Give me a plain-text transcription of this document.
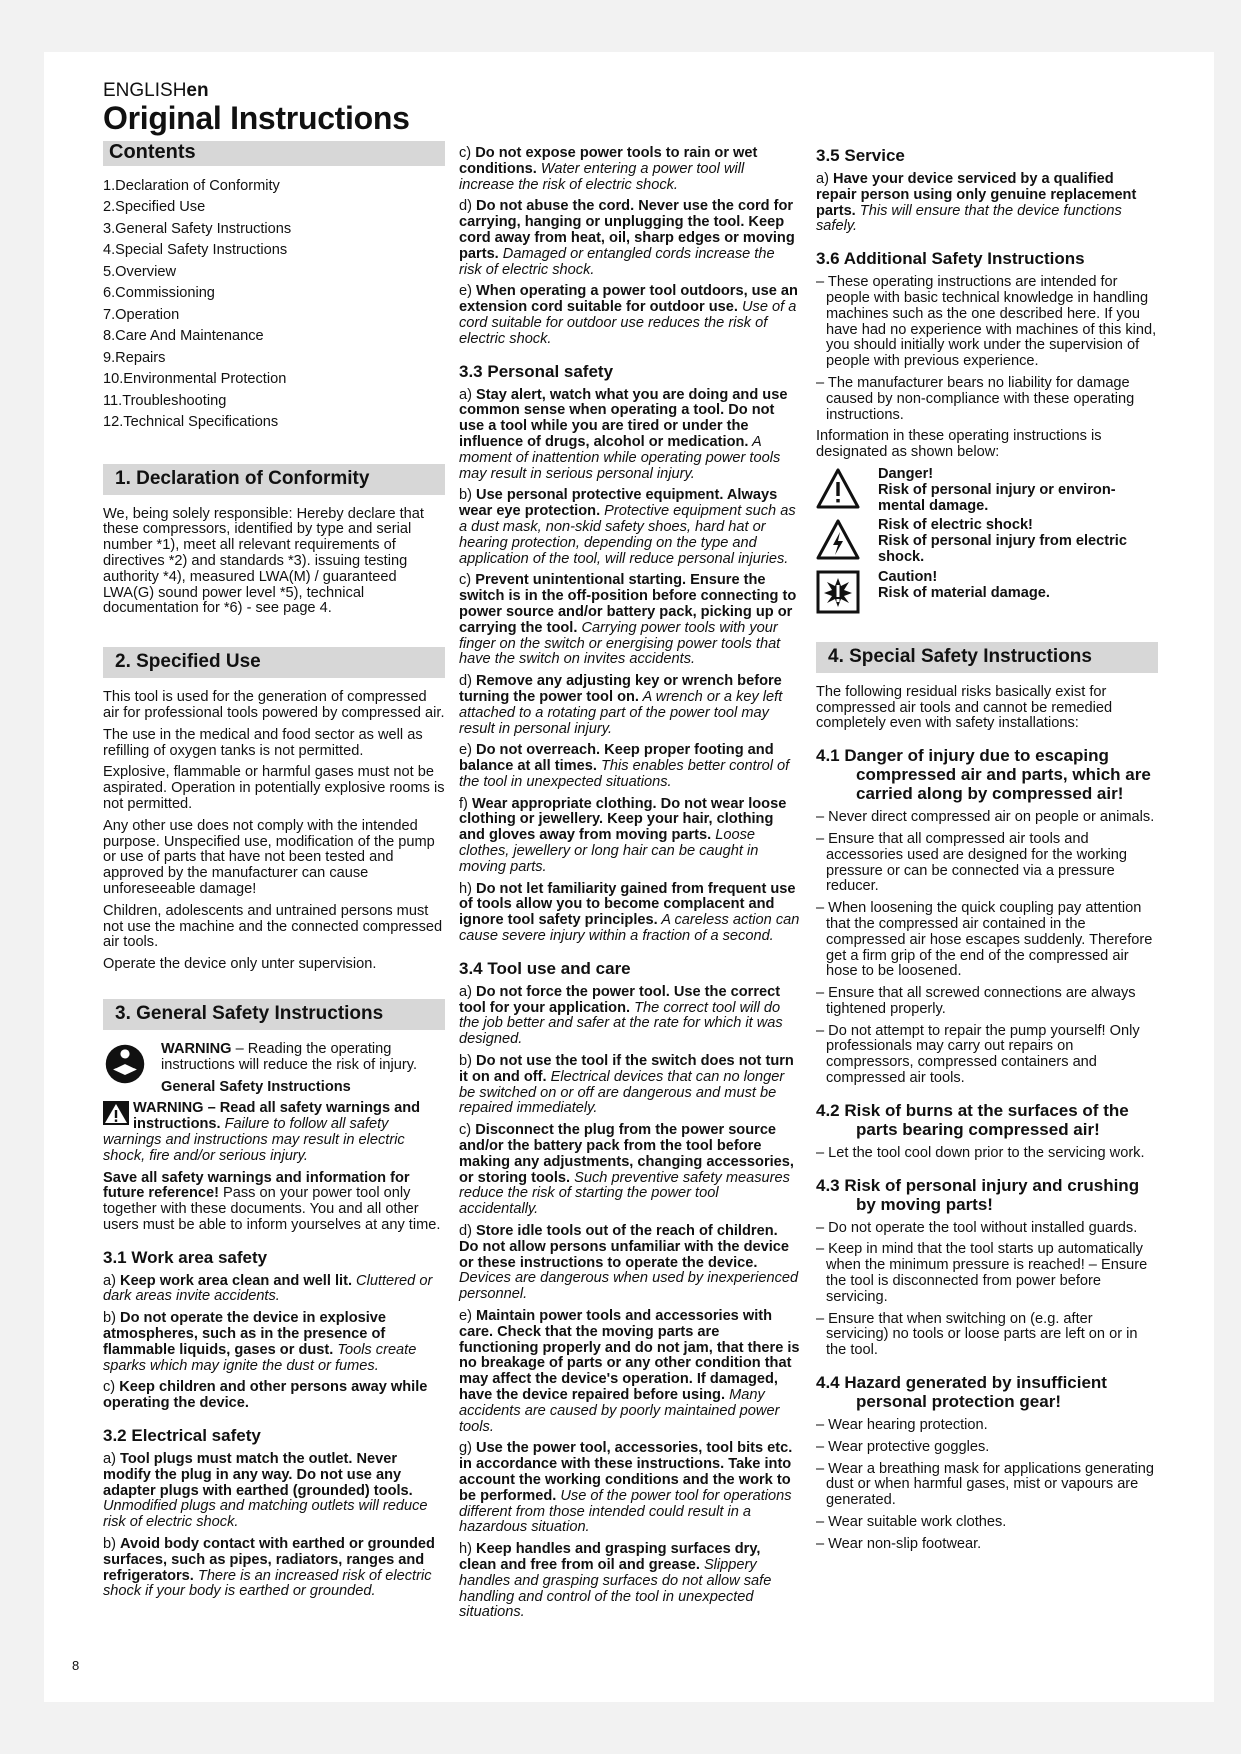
ENGLISHen
Original Instructions
Contents
1.Declaration of Conformity
2.Specified Use
3.General Safety Instructions
4.Special Safety Instructions
5.Overview
6.Commissioning
7.Operation
8.Care And Maintenance
9.Repairs
10.Environmental Protection
11.Troubleshooting
12.Technical Specifications
1. Declaration of Conformity

We, being solely responsible: Hereby declare that these compressors, identified by type and serial number *1), meet all relevant requirements of directives *2) and standards *3). issuing testing authority *4), measured LWA(M) / guaranteed LWA(G) sound power level *5), technical documentation for *6) - see page 4.

2. Specified Use

This tool is used for the generation of compressed air for professional tools powered by compressed air.

The use in the medical and food sector as well as refilling of oxygen tanks is not permitted.

Explosive, flammable or harmful gases must not be aspirated. Operation in potentially explosive rooms is not permitted.

Any other use does not comply with the intended purpose. Unspecified use, modification of the pump or use of parts that have not been tested and approved by the manufacturer can cause unforeseeable damage!

Children, adolescents and untrained persons must not use the machine and the connected compressed air tools.

Operate the device only unter supervision.

3. General Safety Instructions
WARNING – Reading the operating instructions will reduce the risk of injury.
General Safety Instructions

WARNING – Read all safety warnings and instructions. Failure to follow all safety warnings and instructions may result in electric shock, fire and/or serious injury.

Save all safety warnings and information for future reference! Pass on your power tool only together with these documents. You and all other users must be able to inform yourselves at any time.

3.1 Work area safety

a) Keep work area clean and well lit. Cluttered or dark areas invite accidents.

b) Do not operate the device in explosive atmospheres, such as in the presence of flammable liquids, gases or dust. Tools create sparks which may ignite the dust or fumes.

c) Keep children and other persons away while operating the device.

3.2 Electrical safety

a) Tool plugs must match the outlet. Never modify the plug in any way. Do not use any adapter plugs with earthed (grounded) tools. Unmodified plugs and matching outlets will reduce risk of electric shock.

b) Avoid body contact with earthed or grounded surfaces, such as pipes, radiators, ranges and refrigerators. There is an increased risk of electric shock if your body is earthed or grounded.

c) Do not expose power tools to rain or wet conditions. Water entering a power tool will increase the risk of electric shock.

d) Do not abuse the cord. Never use the cord for carrying, hanging or unplugging the tool. Keep cord away from heat, oil, sharp edges or moving parts. Damaged or entangled cords increase the risk of electric shock.

e) When operating a power tool outdoors, use an extension cord suitable for outdoor use. Use of a cord suitable for outdoor use reduces the risk of electric shock.

3.3 Personal safety

a) Stay alert, watch what you are doing and use common sense when operating a tool. Do not use a tool while you are tired or under the influence of drugs, alcohol or medication. A moment of inattention while operating power tools may result in serious personal injury.

b) Use personal protective equipment. Always wear eye protection. Protective equipment such as a dust mask, non-skid safety shoes, hard hat or hearing protection, depending on the type and application of the tool, will reduce personal injuries.

c) Prevent unintentional starting. Ensure the switch is in the off-position before connecting to power source and/or battery pack, picking up or carrying the tool. Carrying power tools with your finger on the switch or energising power tools that have the switch on invites accidents.

d) Remove any adjusting key or wrench before turning the power tool on. A wrench or a key left attached to a rotating part of the power tool may result in personal injury.

e) Do not overreach. Keep proper footing and balance at all times. This enables better control of the tool in unexpected situations.

f) Wear appropriate clothing. Do not wear loose clothing or jewellery. Keep your hair, clothing and gloves away from moving parts. Loose clothes, jewellery or long hair can be caught in moving parts.

h) Do not let familiarity gained from frequent use of tools allow you to become complacent and ignore tool safety principles. A careless action can cause severe injury within a fraction of a second.

3.4 Tool use and care

a) Do not force the power tool. Use the correct tool for your application. The correct tool will do the job better and safer at the rate for which it was designed.

b) Do not use the tool if the switch does not turn it on and off. Electrical devices that can no longer be switched on or off are dangerous and must be repaired immediately.

c) Disconnect the plug from the power source and/or the battery pack from the tool before making any adjustments, changing accessories, or storing tools. Such preventive safety measures reduce the risk of starting the power tool accidentally.

d) Store idle tools out of the reach of children. Do not allow persons unfamiliar with the device or these instructions to operate the device. Devices are dangerous when used by inexperienced personnel.

e) Maintain power tools and accessories with care. Check that the moving parts are functioning properly and do not jam, that there is no breakage of parts or any other condition that may affect the device's operation. If damaged, have the device repaired before using. Many accidents are caused by poorly maintained power tools.

g) Use the power tool, accessories, tool bits etc. in accordance with these instructions. Take into account the working conditions and the work to be performed. Use of the power tool for operations different from those intended could result in a hazardous situation.

h) Keep handles and grasping surfaces dry, clean and free from oil and grease. Slippery handles and grasping surfaces do not allow safe handling and control of the tool in unexpected situations.

3.5 Service

a) Have your device serviced by a qualified repair person using only genuine replacement parts. This will ensure that the device functions safely.

3.6 Additional Safety Instructions

– These operating instructions are intended for people with basic technical knowledge in handling machines such as the one described here. If you have had no experience with machines of this kind, you should initially work under the supervision of people with previous experience.

– The manufacturer bears no liability for damage caused by non-compliance with these operating instructions.

Information in these operating instructions is designated as shown below:

Danger!
Risk of personal injury or environ-mental damage.
Risk of electric shock!
Risk of personal injury from electric shock.
Caution!
Risk of material damage.
4. Special Safety Instructions

The following residual risks basically exist for compressed air tools and cannot be remedied completely even with safety installations:

4.1 Danger of injury due to escaping compressed air and parts, which are carried along by compressed air!

– Never direct compressed air on people or animals.

– Ensure that all compressed air tools and accessories used are designed for the working pressure or can be connected via a pressure reducer.

– When loosening the quick coupling pay attention that the compressed air contained in the compressed air hose escapes suddenly. Therefore get a firm grip of the end of the compressed air hose to be loosened.

– Ensure that all screwed connections are always tightened properly.

– Do not attempt to repair the pump yourself! Only professionals may carry out repairs on compressors, compressed containers and compressed air tools.

4.2 Risk of burns at the surfaces of the parts bearing compressed air!

– Let the tool cool down prior to the servicing work.

4.3 Risk of personal injury and crushing by moving parts!

– Do not operate the tool without installed guards.

– Keep in mind that the tool starts up automatically when the minimum pressure is reached! – Ensure the tool is disconnected from power before servicing.

– Ensure that when switching on (e.g. after servicing) no tools or loose parts are left on or in the tool.

4.4 Hazard generated by insufficient personal protection gear!

– Wear hearing protection.

– Wear protective goggles.

– Wear a breathing mask for applications generating dust or when harmful gases, mist or vapours are generated.

– Wear suitable work clothes.

– Wear non-slip footwear.

8
